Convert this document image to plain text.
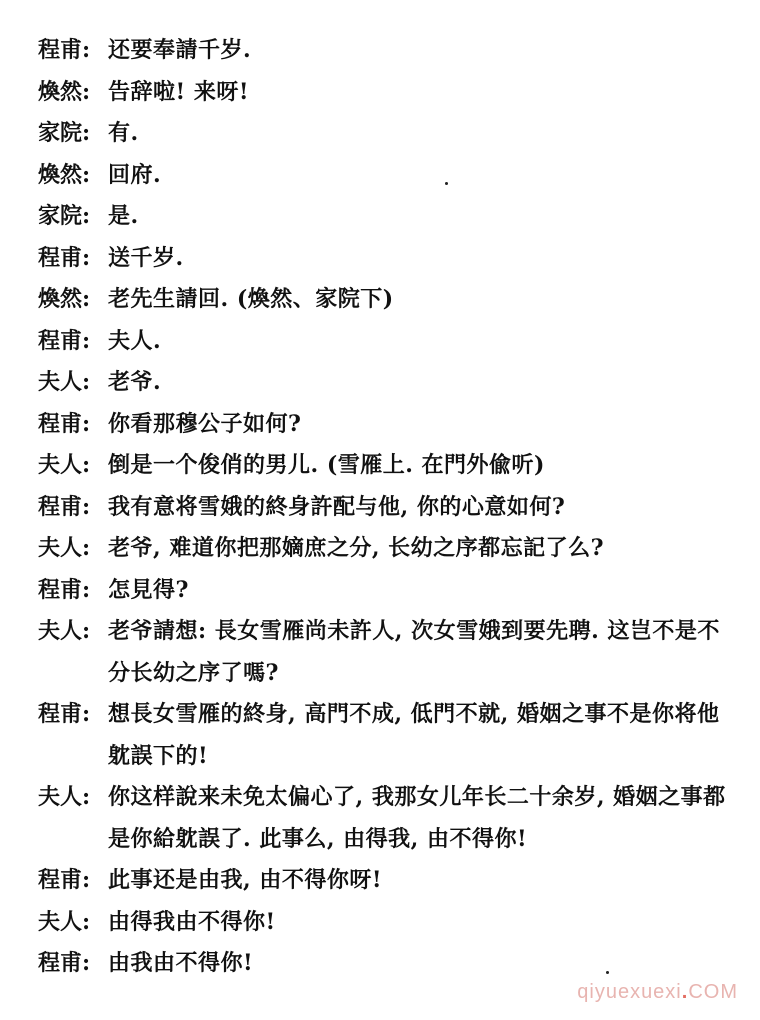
程甫: 还要奉請千岁.
煥然: 告辞啦! 来呀!
家院: 有.
煥然: 回府.
家院: 是.
程甫: 送千岁.
煥然: 老先生請回. (煥然、家院下)
程甫: 夫人.
夫人: 老爷.
程甫: 你看那穆公子如何?
夫人: 倒是一个俊俏的男儿. (雪雁上. 在門外偸听)
程甫: 我有意将雪娥的終身許配与他, 你的心意如何?
夫人: 老爷, 难道你把那嫡庶之分, 长幼之序都忘記了么?
程甫: 怎見得?
夫人: 老爷請想: 長女雪雁尚未許人, 次女雪娥到要先聘. 这岂不是不分长幼之序了嗎?
程甫: 想長女雪雁的終身, 高門不成, 低門不就, 婚姻之事不是你将他躭誤下的!
夫人: 你这样說来未免太偏心了, 我那女儿年长二十余岁, 婚姻之事都是你給躭誤了. 此事么, 由得我, 由不得你!
程甫: 此事还是由我, 由不得你呀!
夫人: 由得我由不得你!
程甫: 由我由不得你!
qiyuexuexi.COM
